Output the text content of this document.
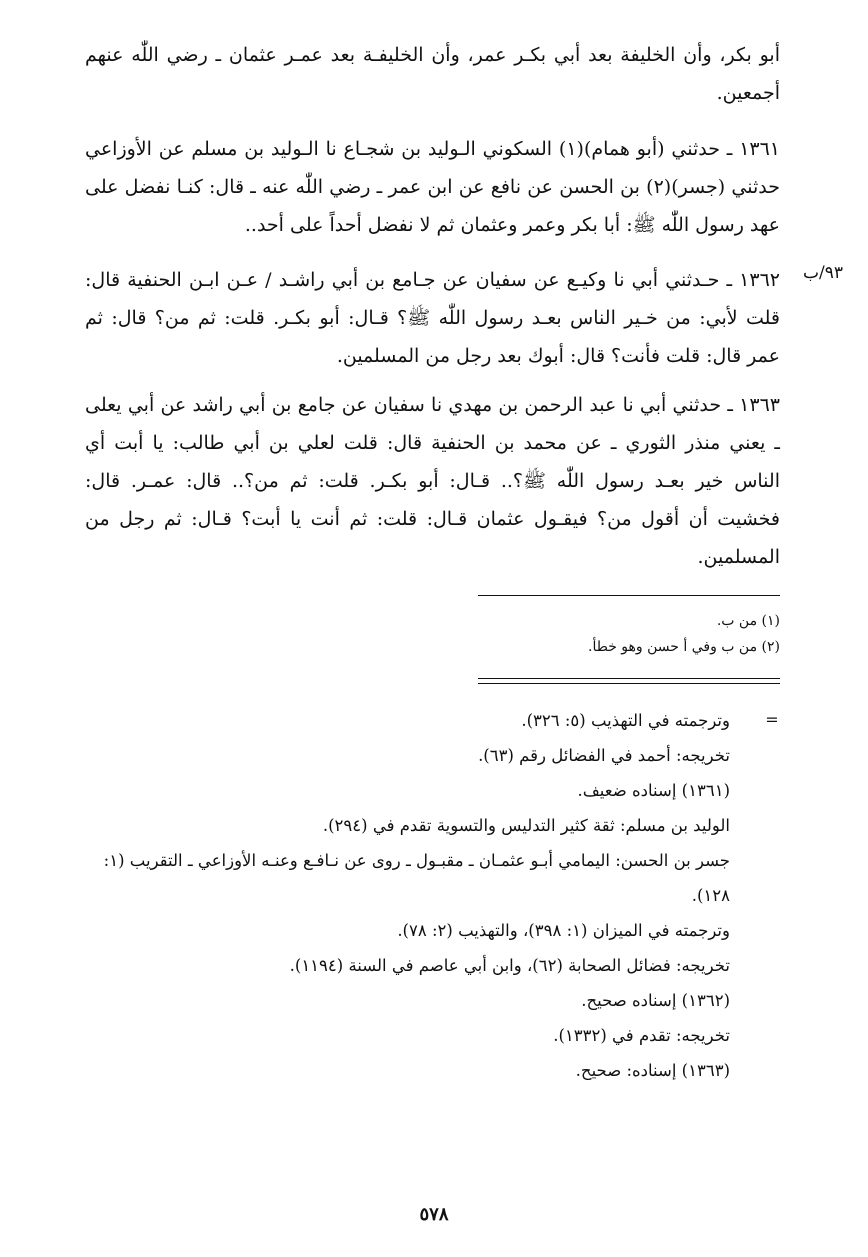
أبو بكر، وأن الخليفة بعد أبي بكـر عمر، وأن الخليفـة بعد عمـر عثمان ـ رضي اللّٰه عنهم أجمعين.

١٣٦١ ـ حدثني (أبو همام)(١) السكوني الـوليد بن شجـاع نا الـوليد بن مسلم عن الأوزاعي حدثني (جسر)(٢) بن الحسن عن نافع عن ابن عمر ـ رضي اللّٰه عنه ـ قال: كنـا نفضل على عهد رسول اللّٰه ﷺ: أبا بكر وعمر وعثمان ثم لا نفضل أحداً على أحد..

٩٣/ب

١٣٦٢ ـ حـدثني أبي نا وكيـع عن سفيان عن جـامع بن أبي راشـد / عـن ابـن الحنفية قال: قلت لأبي: من خـير الناس بعـد رسول اللّٰه ﷺ؟ قـال: أبو بكـر. قلت: ثم من؟ قال: ثم عمر قال: قلت فأنت؟ قال: أبوك بعد رجل من المسلمين.

١٣٦٣ ـ حدثني أبي نا عبد الرحمن بن مهدي نا سفيان عن جامع بن أبي راشد عن أبي يعلى ـ يعني منذر الثوري ـ عن محمد بن الحنفية قال: قلت لعلي بن أبي طالب: يا أبت أي الناس خير بعـد رسول اللّٰه ﷺ؟.. قـال: أبو بكـر. قلت: ثم من؟.. قال: عمـر. قال: فخشيت أن أقول من؟ فيقـول عثمان قـال: قلت: ثم أنت يا أبت؟ قـال: ثم رجل من المسلمين.

(١) من ب.
(٢) من ب وفي أ حسن وهو خطأ.
=
وترجمته في التهذيب (٥: ٣٢٦).
تخريجه: أحمد في الفضائل رقم (٦٣).
(١٣٦١) إسناده ضعيف.
الوليد بن مسلم: ثقة كثير التدليس والتسوية تقدم في (٢٩٤).
جسر بن الحسن: اليمامي أبـو عثمـان ـ مقبـول ـ روى عن نـافـع وعنـه الأوزاعي ـ التقريب (١: ١٢٨).
وترجمته في الميزان (١: ٣٩٨)، والتهذيب (٢: ٧٨).
تخريجه: فضائل الصحابة (٦٢)، وابن أبي عاصم في السنة (١١٩٤).
(١٣٦٢) إسناده صحيح.
تخريجه: تقدم في (١٣٣٢).
(١٣٦٣) إسناده: صحيح.
٥٧٨
